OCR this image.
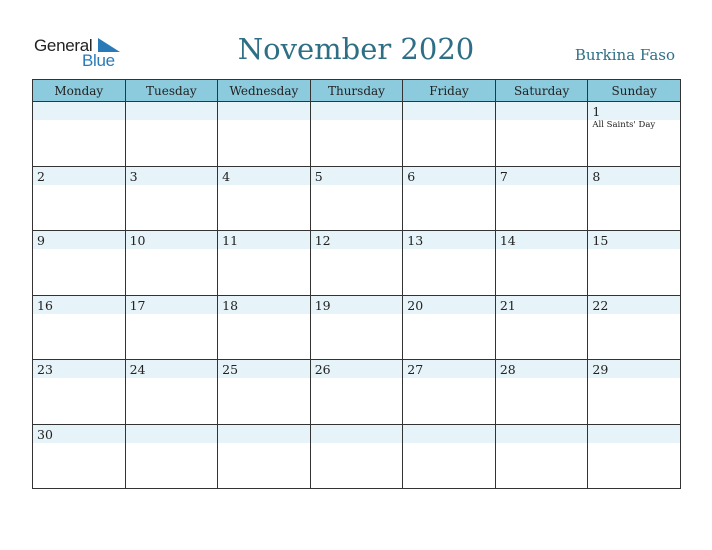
General
Blue	November 2020	Burkina Faso
Monday	Tuesday	Wednesday	Thursday	Friday	Saturday	Sunday

						1
All Saints' Day

2	3	4	5	6	7	8

9	10	11	12	13	14	15

16	17	18	19	20	21	22

23	24	25	26	27	28	29

30						
